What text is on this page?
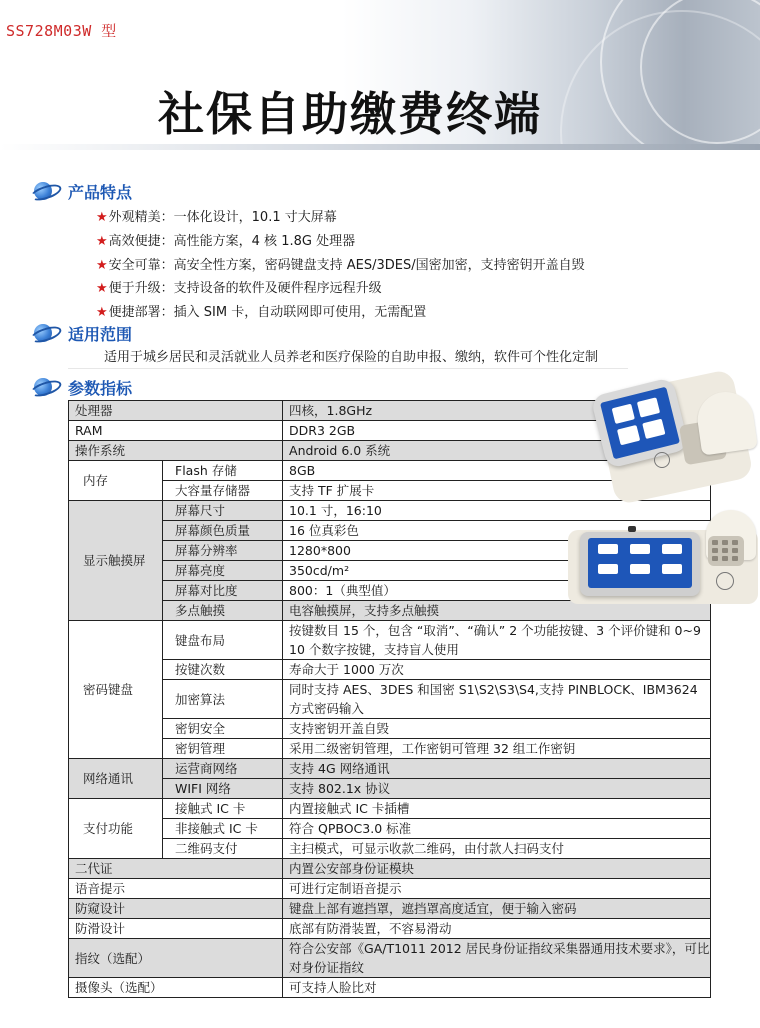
SS728M03W 型
社保自助缴费终端
产品特点
★外观精美：一体化设计，10.1 寸大屏幕
★高效便捷：高性能方案，4 核 1.8G 处理器
★安全可靠：高安全性方案，密码键盘支持 AES/3DES/国密加密，支持密钥开盖自毁
★便于升级：支持设备的软件及硬件程序远程升级
★便捷部署：插入 SIM 卡，自动联网即可使用，无需配置
适用范围
适用于城乡居民和灵活就业人员养老和医疗保险的自助申报、缴纳，软件可个性化定制
参数指标
处理器		四核，1.8GHz
RAM		DDR3 2GB
操作系统		Android 6.0 系统
内存	Flash 存储	8GB
	大容量存储器	支持 TF 扩展卡
显示触摸屏	屏幕尺寸	10.1 寸，16:10
	屏幕颜色质量	16 位真彩色
	屏幕分辨率	1280*800
	屏幕亮度	350cd/m²
	屏幕对比度	800：1（典型值）
	多点触摸	电容触摸屏，支持多点触摸
密码键盘	键盘布局	按键数目 15 个，包含 “取消”、“确认” 2 个功能按键、3 个评价键和 0~9 10 个数字按键，支持盲人使用

	按键次数	寿命大于 1000 万次
	加密算法	同时支持 AES、3DES 和国密 S1\S2\S3\S4,支持 PINBLOCK、IBM3624 方式密码输入
	密钥安全	支持密钥开盖自毁
	密钥管理	采用二级密钥管理，工作密钥可管理 32 组工作密钥
网络通讯	运营商网络	支持 4G 网络通讯
	WIFI 网络	支持 802.1x 协议
支付功能	接触式 IC 卡	内置接触式 IC 卡插槽
	非接触式 IC 卡	符合 QPBOC3.0 标准
	二维码支付	主扫模式，可显示收款二维码，由付款人扫码支付
二代证		内置公安部身份证模块
语音提示		可进行定制语音提示
防窥设计		键盘上部有遮挡罩，遮挡罩高度适宜，便于输入密码
防滑设计		底部有防滑装置，不容易滑动
指纹（选配）		符合公安部《GA/T1011 2012 居民身份证指纹采集器通用技术要求》，可比对身份证指纹
摄像头（选配）		可支持人脸比对
